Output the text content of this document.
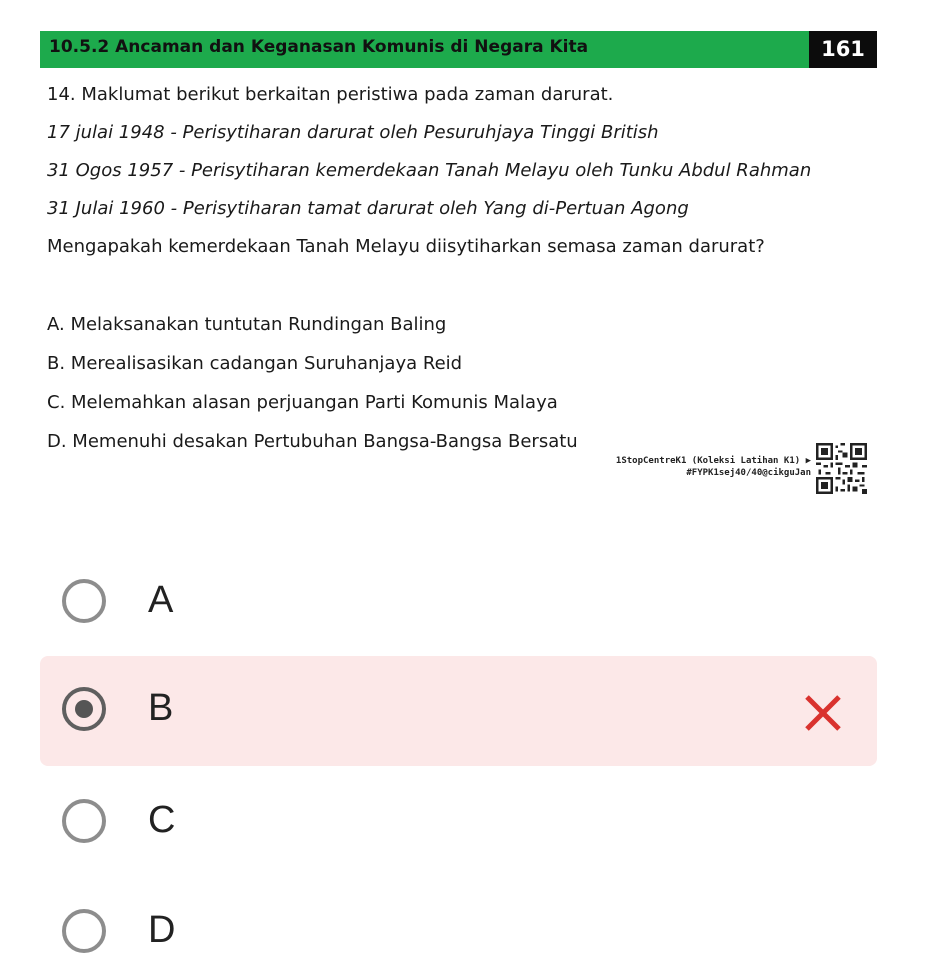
10.5.2 Ancaman dan Keganasan Komunis di Negara Kita	161
14. Maklumat berikut berkaitan peristiwa pada zaman darurat.
17 julai 1948 - Perisytiharan darurat oleh Pesuruhjaya Tinggi British
31 Ogos 1957 - Perisytiharan kemerdekaan Tanah Melayu oleh Tunku Abdul Rahman
31 Julai 1960 - Perisytiharan tamat darurat oleh Yang di-Pertuan Agong
Mengapakah kemerdekaan Tanah Melayu diisytiharkan semasa zaman darurat?
A. Melaksanakan tuntutan Rundingan Baling
B. Merealisasikan cadangan Suruhanjaya Reid
C. Melemahkan alasan perjuangan Parti Komunis Malaya
D. Memenuhi desakan Pertubuhan Bangsa-Bangsa Bersatu
1StopCentreK1 (Koleksi Latihan K1) ▶
#FYPK1sej40/40@cikguJan
A
B
C
D
